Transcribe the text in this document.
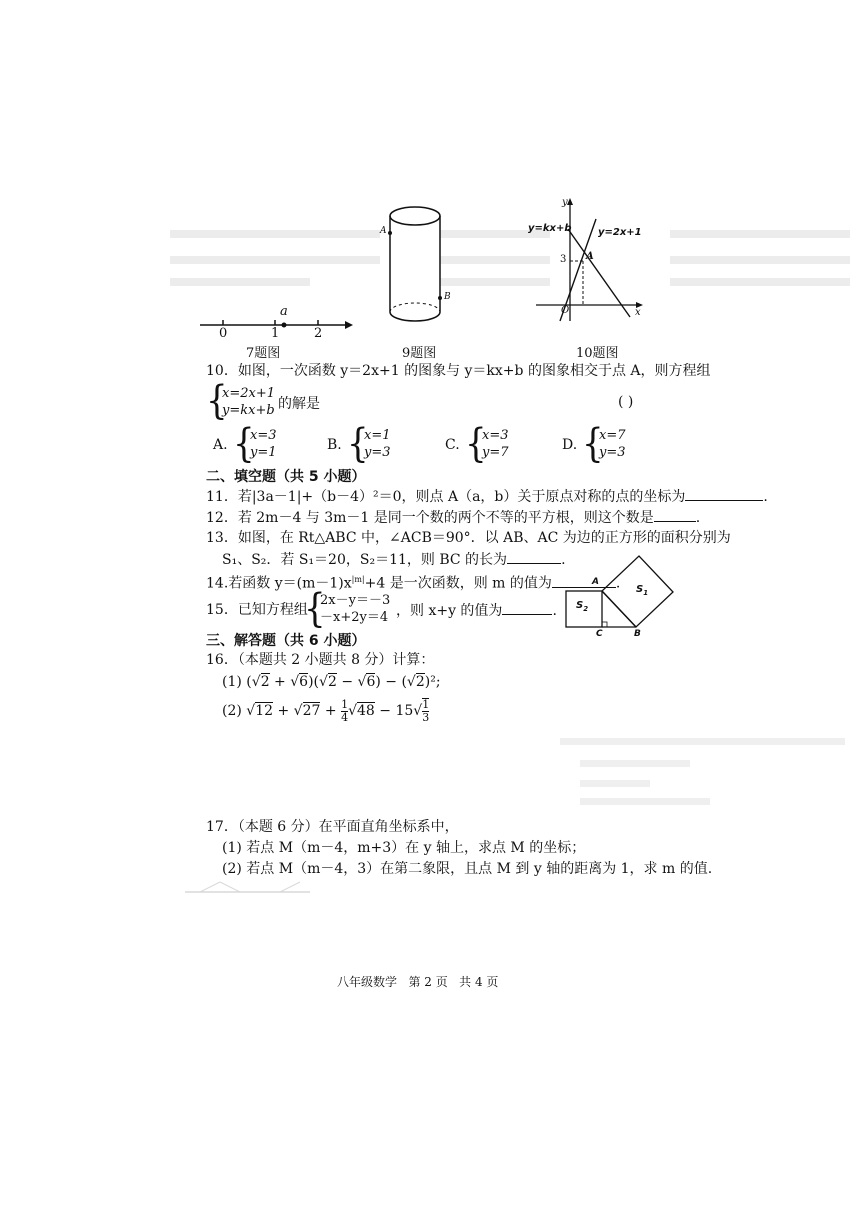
0	1	2
a
7题图
A
B
9题图
y
x
O
A
3
y=kx+b	y=2x+1
10题图
10．如图，一次函数 y＝2x+1 的图象与 y＝kx+b 的图象相交于点 A，则方程组
{
x=2x+1
y=kx+b 的解是	( )
A. {
x=3
y=1	B. {
x=1
y=3	C. {
x=3
y=7	D. {
x=7
y=3
二、填空题（共 5 小题）
11．若|3a－1|+（b－4）²＝0，则点 A（a，b）关于原点对称的点的坐标为	.
12．若 2m－4 与 3m－1 是同一个数的两个不等的平方根，则这个数是	.
13．如图，在 Rt△ABC 中，∠ACB＝90°．以 AB、AC 为边的正方形的面积分别为
S₁、S₂．若 S₁＝20，S₂＝11，则 BC 的长为	.
14.若函数 $y=(m-1)x^{|m|}+4$ 是一次函数，则 m 的值为	.
15．已知方程组
{
2x－y＝－3
－x+2y＝4 ，则 x+y 的值为	. $S_2$
$S_1$
A
C	B
三、解答题（共 6 小题）
16．（本题共 2 小题共 8 分）计算：
(1) (√2 + √6)(√2 − √6) − (√2)²;
(2) $√12 + √27 + \frac{1}{4} √48 - 15√ \frac{1}{3}$
17．（本题 6 分）在平面直角坐标系中，
(1) 若点 M（m－4，m+3）在 y 轴上，求点 M 的坐标；
(2) 若点 M（m－4，3）在第二象限，且点 M 到 y 轴的距离为 1，求 m 的值.
八年级数学   第 2 页   共 4 页
